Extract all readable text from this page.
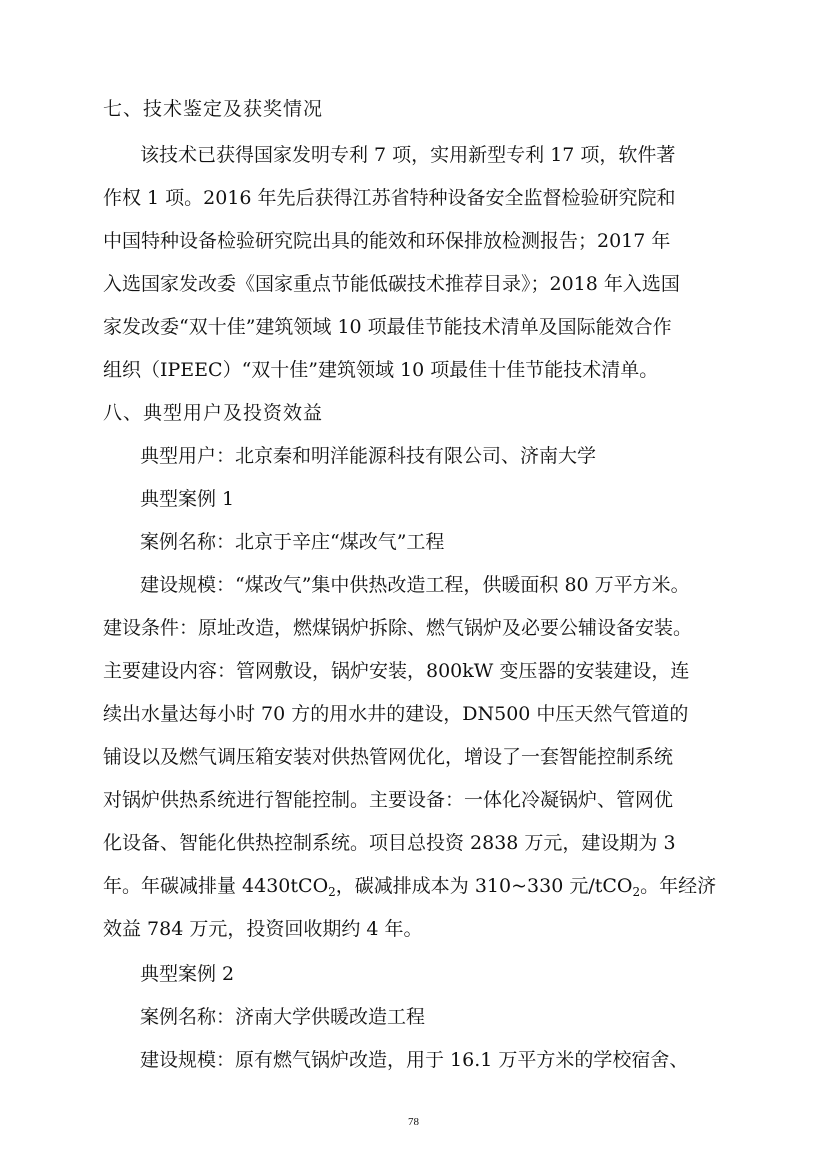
七、技术鉴定及获奖情况
该技术已获得国家发明专利 7 项，实用新型专利 17 项，软件著
作权 1 项。2016 年先后获得江苏省特种设备安全监督检验研究院和
中国特种设备检验研究院出具的能效和环保排放检测报告；2017 年
入选国家发改委《国家重点节能低碳技术推荐目录》；2018 年入选国
家发改委“双十佳”建筑领域 10 项最佳节能技术清单及国际能效合作
组织（IPEEC）“双十佳”建筑领域 10 项最佳十佳节能技术清单。
八、典型用户及投资效益
典型用户：北京秦和明洋能源科技有限公司、济南大学
典型案例 1
案例名称：北京于辛庄“煤改气”工程
建设规模：“煤改气”集中供热改造工程，供暖面积 80 万平方米。
建设条件：原址改造，燃煤锅炉拆除、燃气锅炉及必要公辅设备安装。
主要建设内容：管网敷设，锅炉安装，800kW 变压器的安装建设，连
续出水量达每小时 70 方的用水井的建设，DN500 中压天然气管道的
铺设以及燃气调压箱安装对供热管网优化，增设了一套智能控制系统
对锅炉供热系统进行智能控制。主要设备：一体化冷凝锅炉、管网优
化设备、智能化供热控制系统。项目总投资 2838 万元，建设期为 3
年。年碳减排量 4430tCO$_2$，碳减排成本为 310~330 元/tCO$_2$。年经济
效益 784 万元，投资回收期约 4 年。
典型案例 2
案例名称：济南大学供暖改造工程
建设规模：原有燃气锅炉改造，用于 16.1 万平方米的学校宿舍、
78
